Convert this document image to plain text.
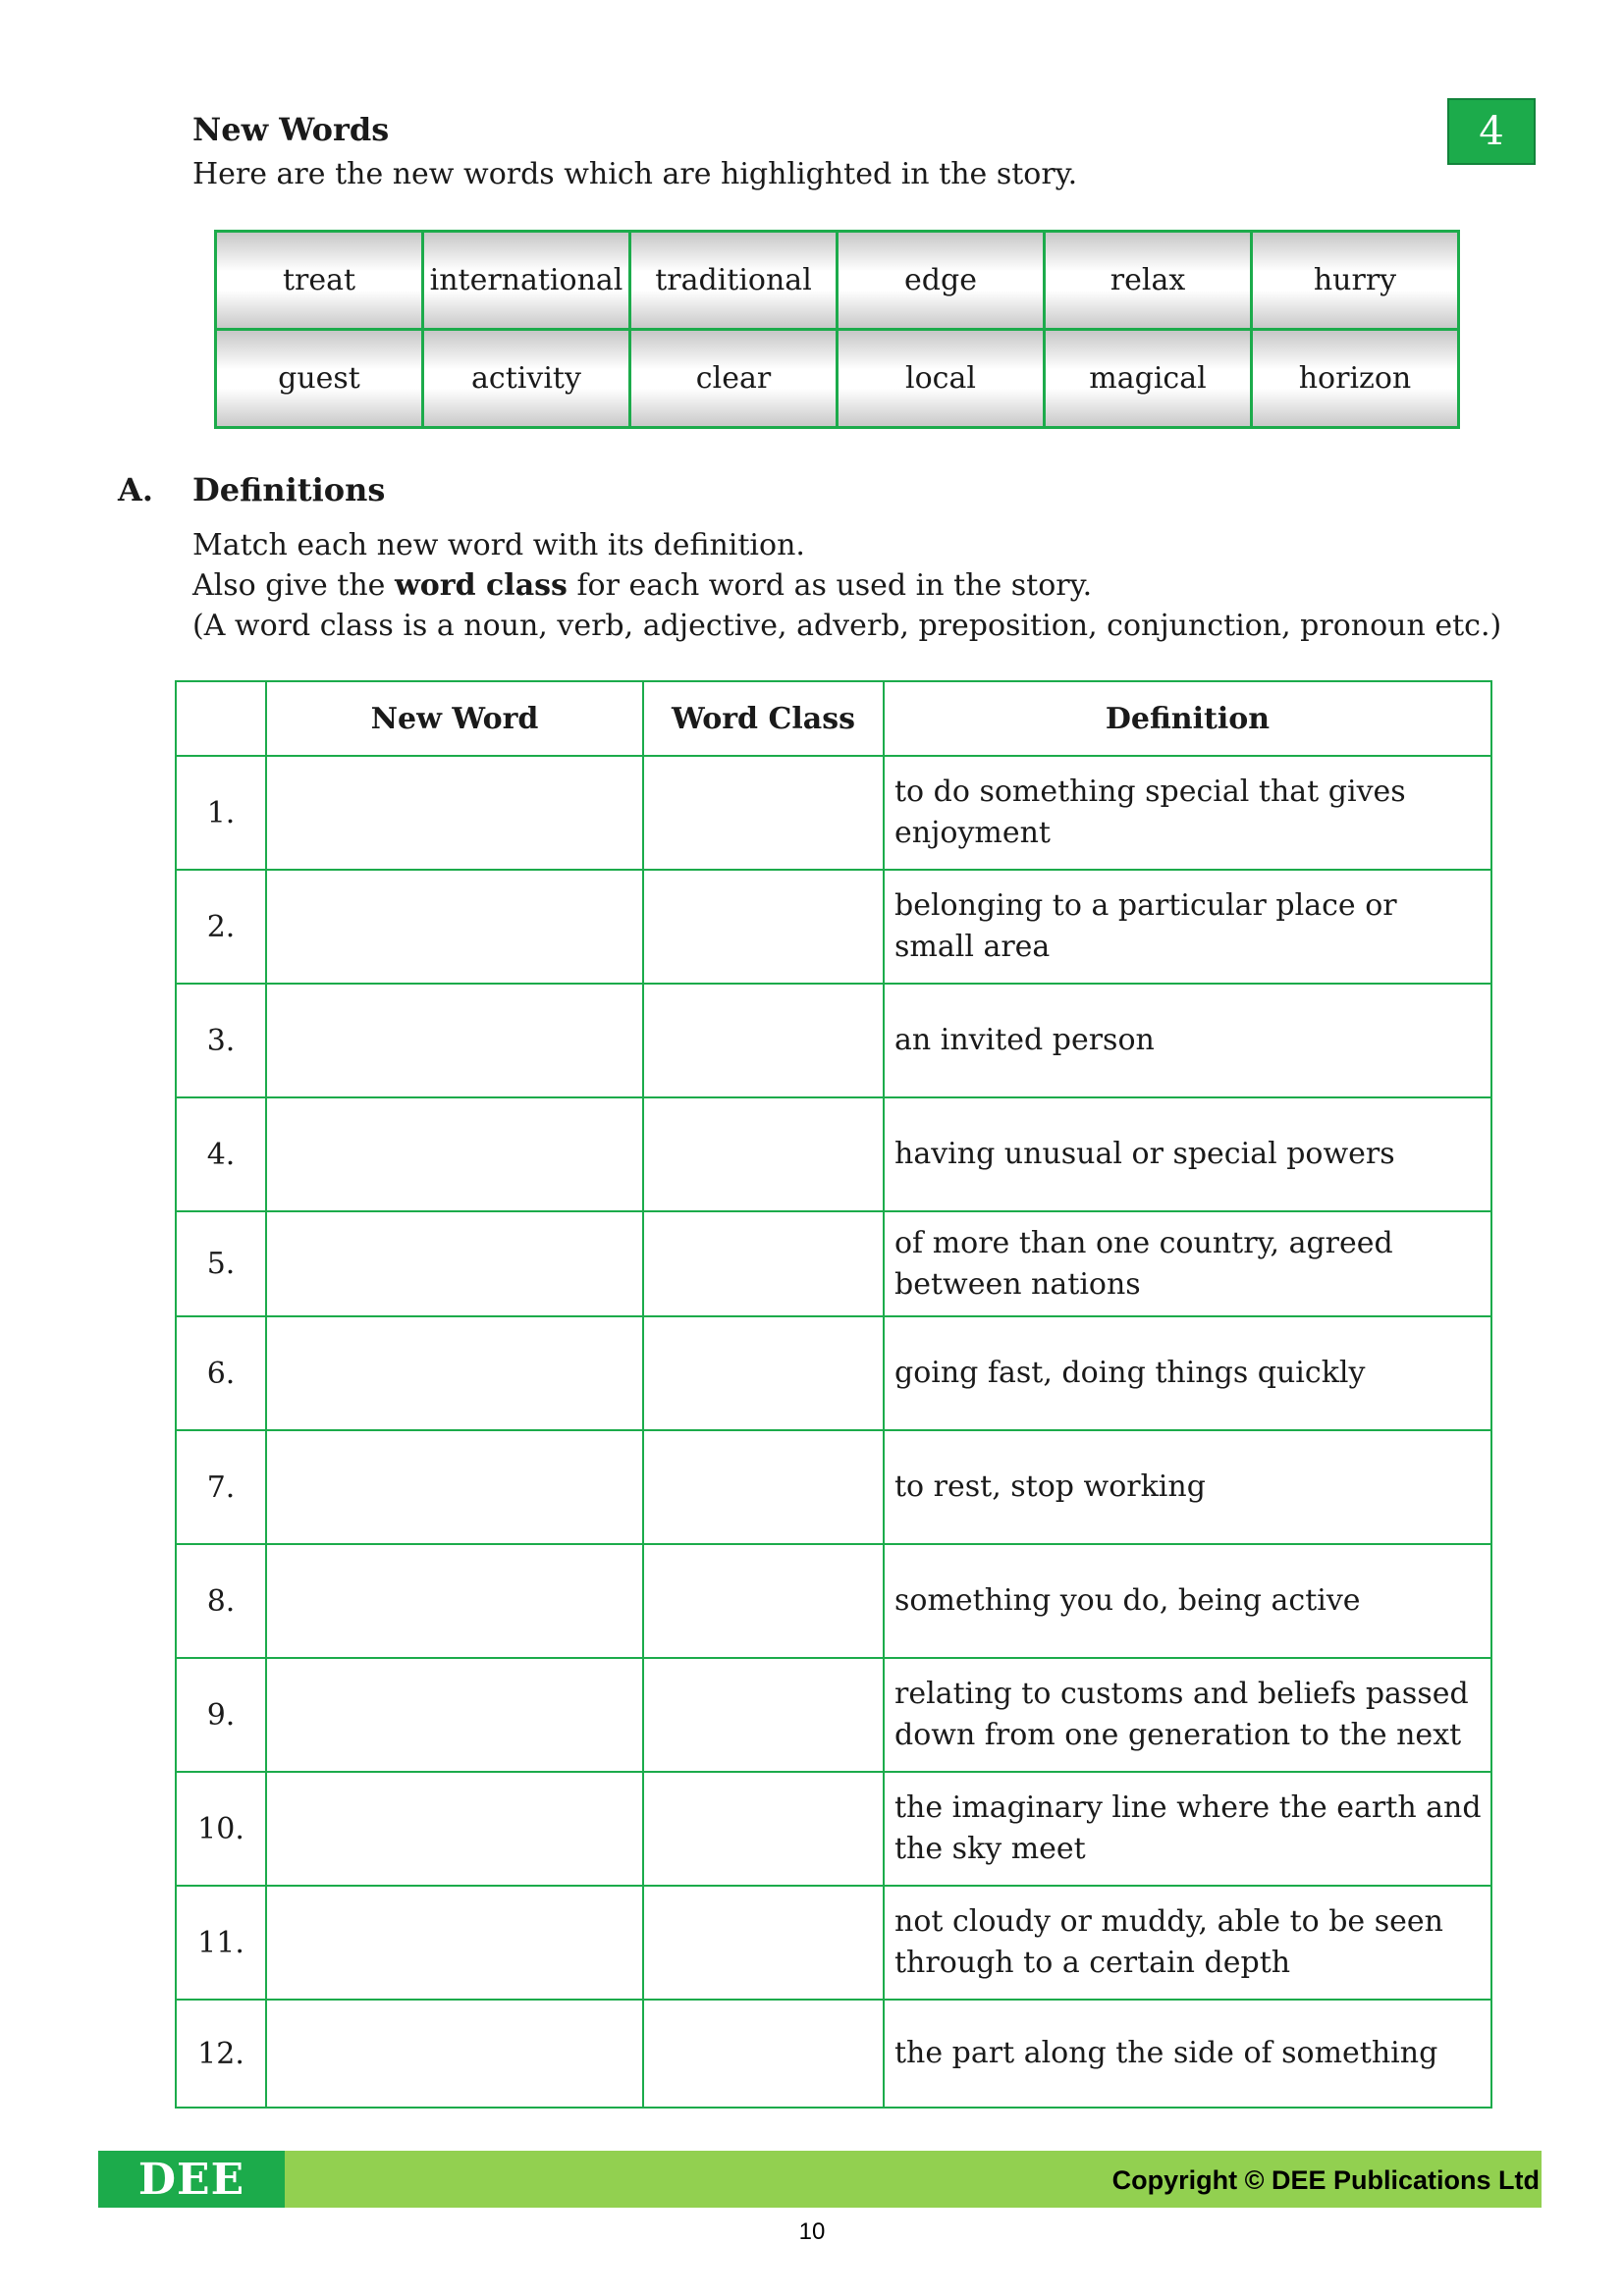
New Words

Here are the new words which are highlighted in the story.

4
treat	international	traditional	edge	relax	hurry
guest	activity	clear	local	magical	horizon
A. Definitions

Match each new word with its definition.

Also give the word class for each word as used in the story.

(A word class is a noun, verb, adjective, adverb, preposition, conjunction, pronoun etc.)

	New Word	Word Class	Definition
1.			to do something special that gives enjoyment
2.			belonging to a particular place or small area
3.			an invited person
4.			having unusual or special powers
5.			of more than one country, agreed between nations
6.			going fast, doing things quickly
7.			to rest, stop working
8.			something you do, being active
9.			relating to customs and beliefs passed down from one generation to the next
10.			the imaginary line where the earth and the sky meet
11.			not cloudy or muddy, able to be seen through to a certain depth
12.			the part along the side of something
DEE	Copyright © DEE Publications Ltd
10
